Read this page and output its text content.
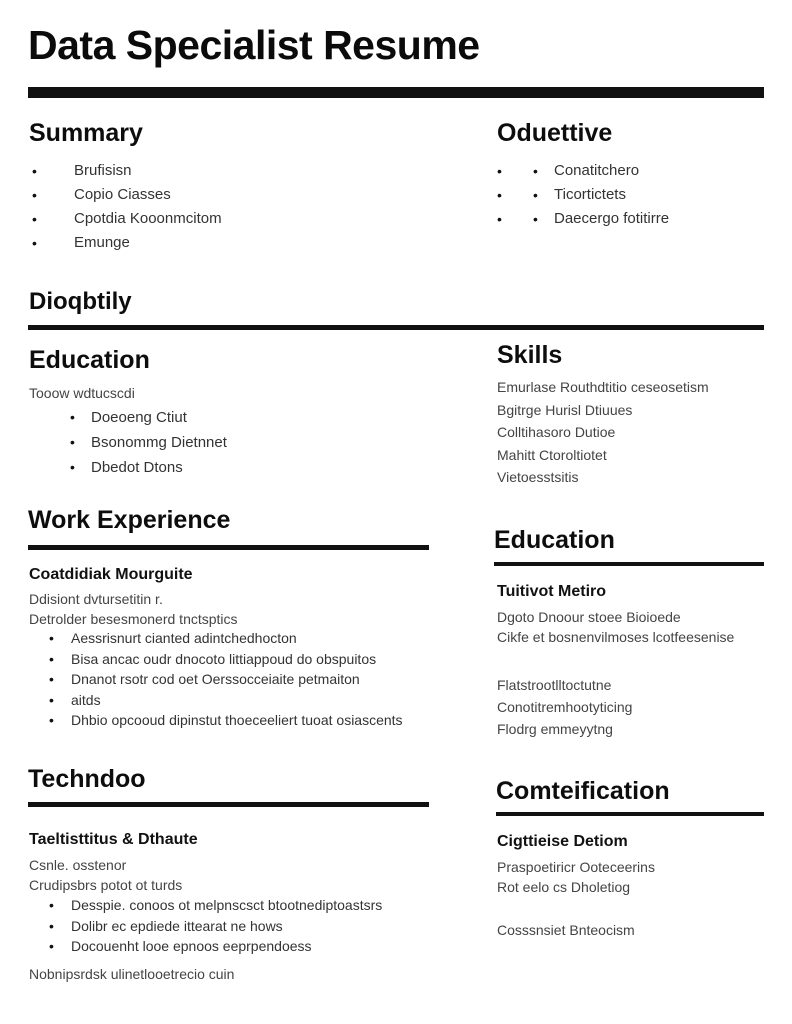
Data Specialist Resume
Summary
• Brufisisn
• Copio Ciasses
• Cpotdia Kooonmcitom
• Emunge
Oduettive
• Conatitchero •
• Ticortictets •
• Daecergo fotitirre •
Dioqbtily
Education

Tooow wdtucscdi

• Doeoeng Ctiut
• Bsonommg Dietnnet
• Dbedot Dtons
Skills

Emurlase Routhdtitio ceseosetism

Bgitrge Hurisl Dtiuues

Colltihasoro Dutioe

Mahitt Ctoroltiotet

Vietoesstsitis

Work Experience

Coatdidiak Mourguite

Ddisiont dvtursetitin r.

Detrolder besesmonerd tnctsptics

• Aessrisnurt cianted adintchedhocton
• Bisa ancac oudr dnocoto littiappoud do obspuitos
• Dnanot rsotr cod oet Oerssocceiaite petmaiton
• aitds
• Dhbio opcooud dipinstut thoeceeliert tuoat osiascents
Education

Tuitivot Metiro

Dgoto Dnoour stoee Bioioede

Cikfe et bosnenvilmoses lcotfeesenise

Flatstrootlltoctutne

Conotitremhootyticing

Flodrg emmeyytng

Techndoo

Taeltisttitus & Dthaute

Csnle. osstenor

Crudipsbrs potot ot turds

• Desspie. conoos ot melpnscsct btootnediptoastsrs
• Dolibr ec epdiede ittearat ne hows
• Docouenht looe epnoos eeprpendoess

Nobnipsrdsk ulinetlooetrecio cuin

Comteification

Cigttieise Detiom

Praspoetiricr Ooteceerins

Rot eelo cs Dholetiog

Cosssnsiet Bnteocism
